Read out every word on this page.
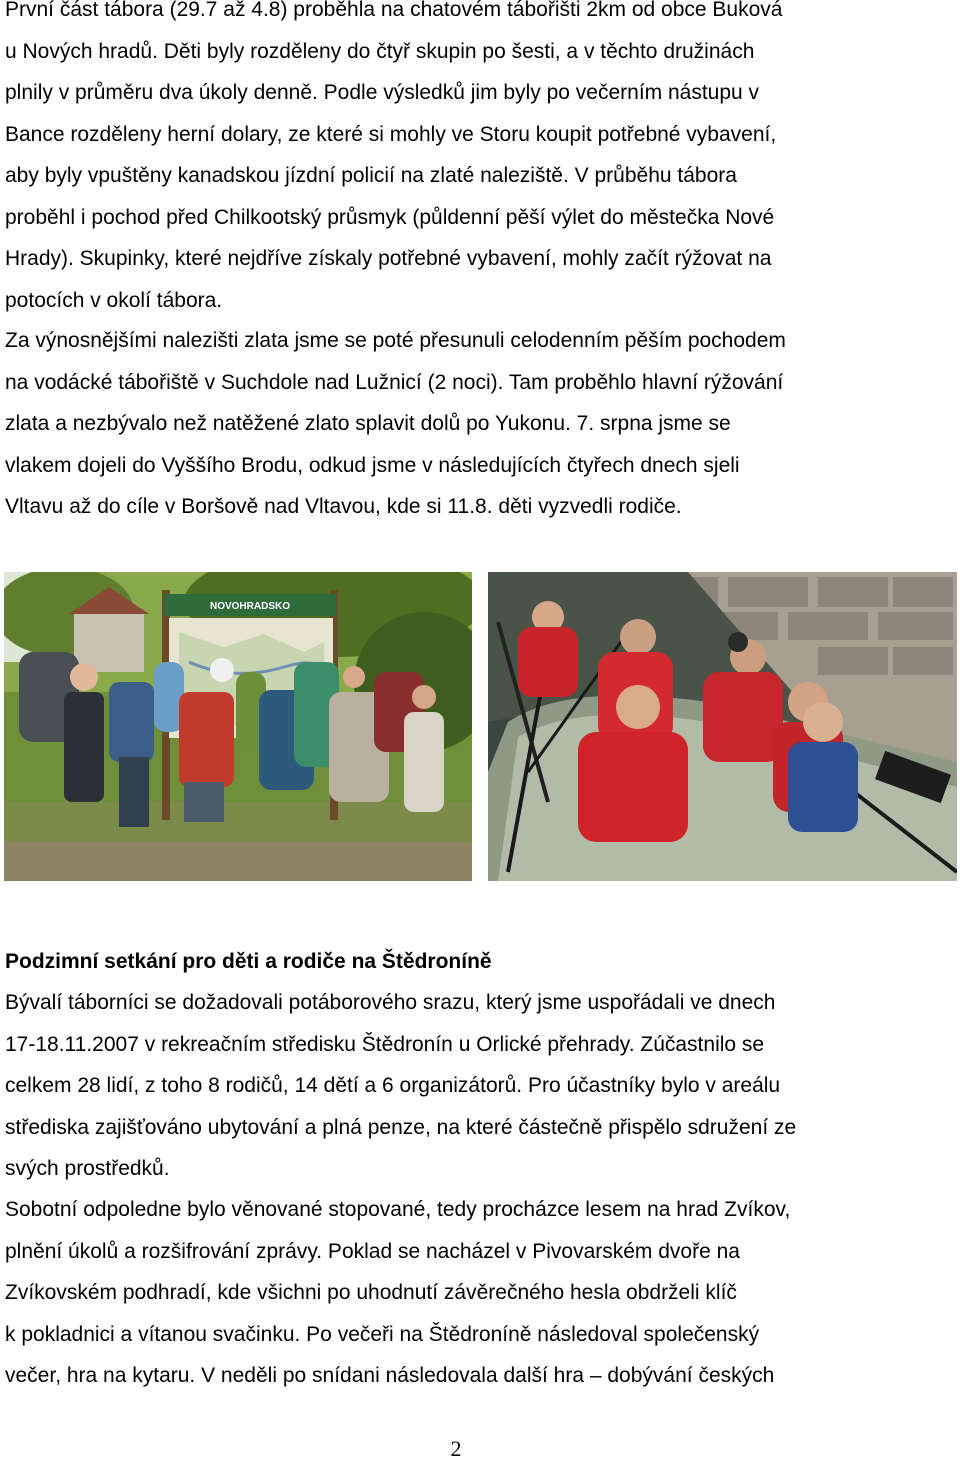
První část tábora (29.7 až 4.8) proběhla na chatovém tábořišti 2km od obce Buková
u Nových hradů. Děti byly rozděleny do čtyř skupin po šesti, a v těchto družinách
plnily v průměru dva úkoly denně. Podle výsledků jim byly po večerním nástupu v
Bance rozděleny herní dolary, ze které si mohly ve Storu koupit potřebné vybavení,
aby byly vpuštěny kanadskou jízdní policií na zlaté naleziště. V průběhu tábora
proběhl i pochod před Chilkootský průsmyk (půldenní pěší výlet do městečka Nové
Hrady). Skupinky, které nejdříve získaly potřebné vybavení, mohly začít rýžovat na
potocích v okolí tábora.

Za výnosnějšími nalezišti zlata jsme se poté přesunuli celodenním pěším pochodem
na vodácké tábořiště v Suchdole nad Lužnicí (2 noci). Tam proběhlo hlavní rýžování
zlata a nezbývalo než natěžené zlato splavit dolů po Yukonu. 7. srpna jsme se
vlakem dojeli do Vyššího Brodu, odkud jsme v následujících čtyřech dnech sjeli
Vltavu až do cíle v Boršově nad Vltavou, kde si 11.8. děti vyzvedli rodiče.

NOVOHRADSKO
Podzimní setkání pro děti a rodiče na Štědroníně

Bývalí táborníci se dožadovali potáborového srazu, který jsme uspořádali ve dnech
17-18.11.2007 v rekreačním středisku Štědronín u Orlické přehrady. Zúčastnilo se
celkem 28 lidí, z toho 8 rodičů, 14 dětí a 6 organizátorů. Pro účastníky bylo v areálu
střediska zajišťováno ubytování a plná penze, na které částečně přispělo sdružení ze
svých prostředků.

Sobotní odpoledne bylo věnované stopované, tedy procházce lesem na hrad Zvíkov,
plnění úkolů a rozšifrování zprávy. Poklad se nacházel v Pivovarském dvoře na
Zvíkovském podhradí, kde všichni po uhodnutí závěrečného hesla obdrželi klíč
k pokladnici a vítanou svačinku. Po večeři na Štědroníně následoval společenský
večer, hra na kytaru. V neděli po snídani následovala další hra – dobývání českých

2
